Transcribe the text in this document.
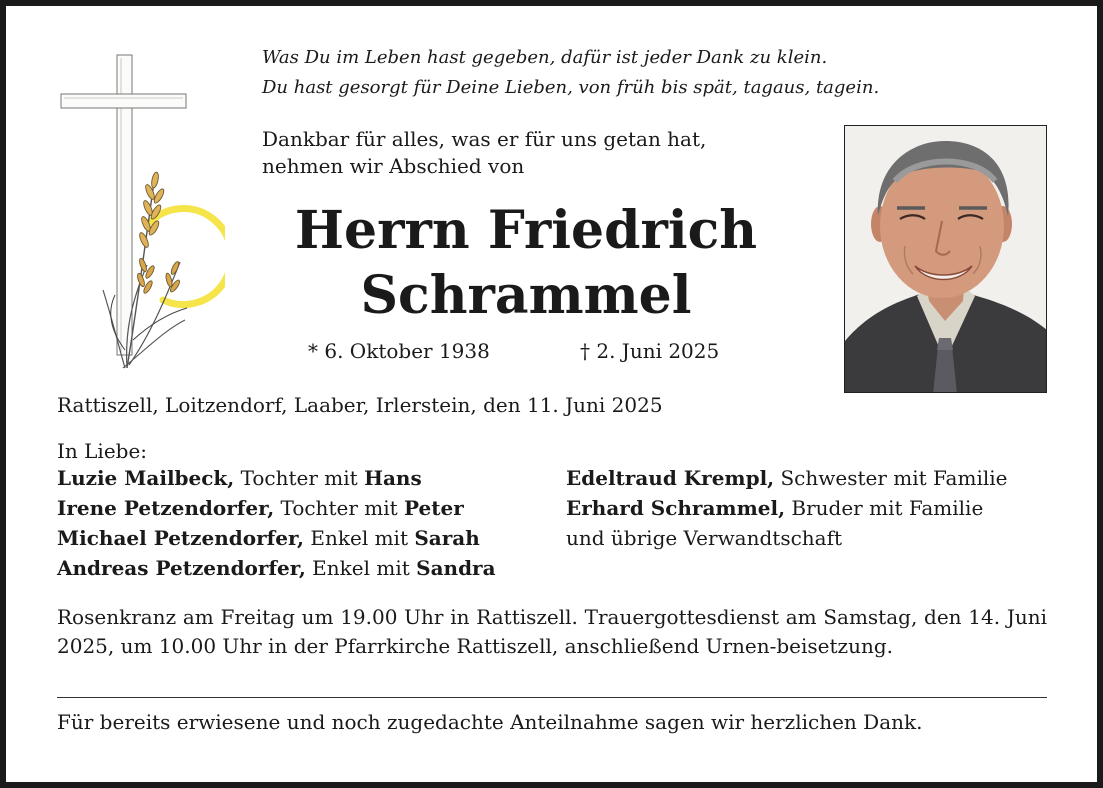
Was Du im Leben hast gegeben, dafür ist jeder Dank zu klein.

Du hast gesorgt für Deine Lieben, von früh bis spät, tagaus, tagein.

Dankbar für alles, was er für uns getan hat,

nehmen wir Abschied von

Herrn Friedrich
Schrammel

* 6. Oktober 1938	† 2. Juni 2025

Rattiszell, Loitzendorf, Laaber, Irlerstein, den 11. Juni 2025

In Liebe:

Luzie Mailbeck, Tochter mit Hans
Irene Petzendorfer, Tochter mit Peter
Michael Petzendorfer, Enkel mit Sarah
Andreas Petzendorfer, Enkel mit Sandra
Edeltraud Krempl, Schwester mit Familie
Erhard Schrammel, Bruder mit Familie
und übrige Verwandtschaft

Rosenkranz am Freitag um 19.00 Uhr in Rattiszell. Trauergottesdienst am Samstag, den 14. Juni 2025, um 10.00 Uhr in der Pfarrkirche Rattiszell, anschließend Urnen-beisetzung.

Für bereits erwiesene und noch zugedachte Anteilnahme sagen wir herzlichen Dank.
